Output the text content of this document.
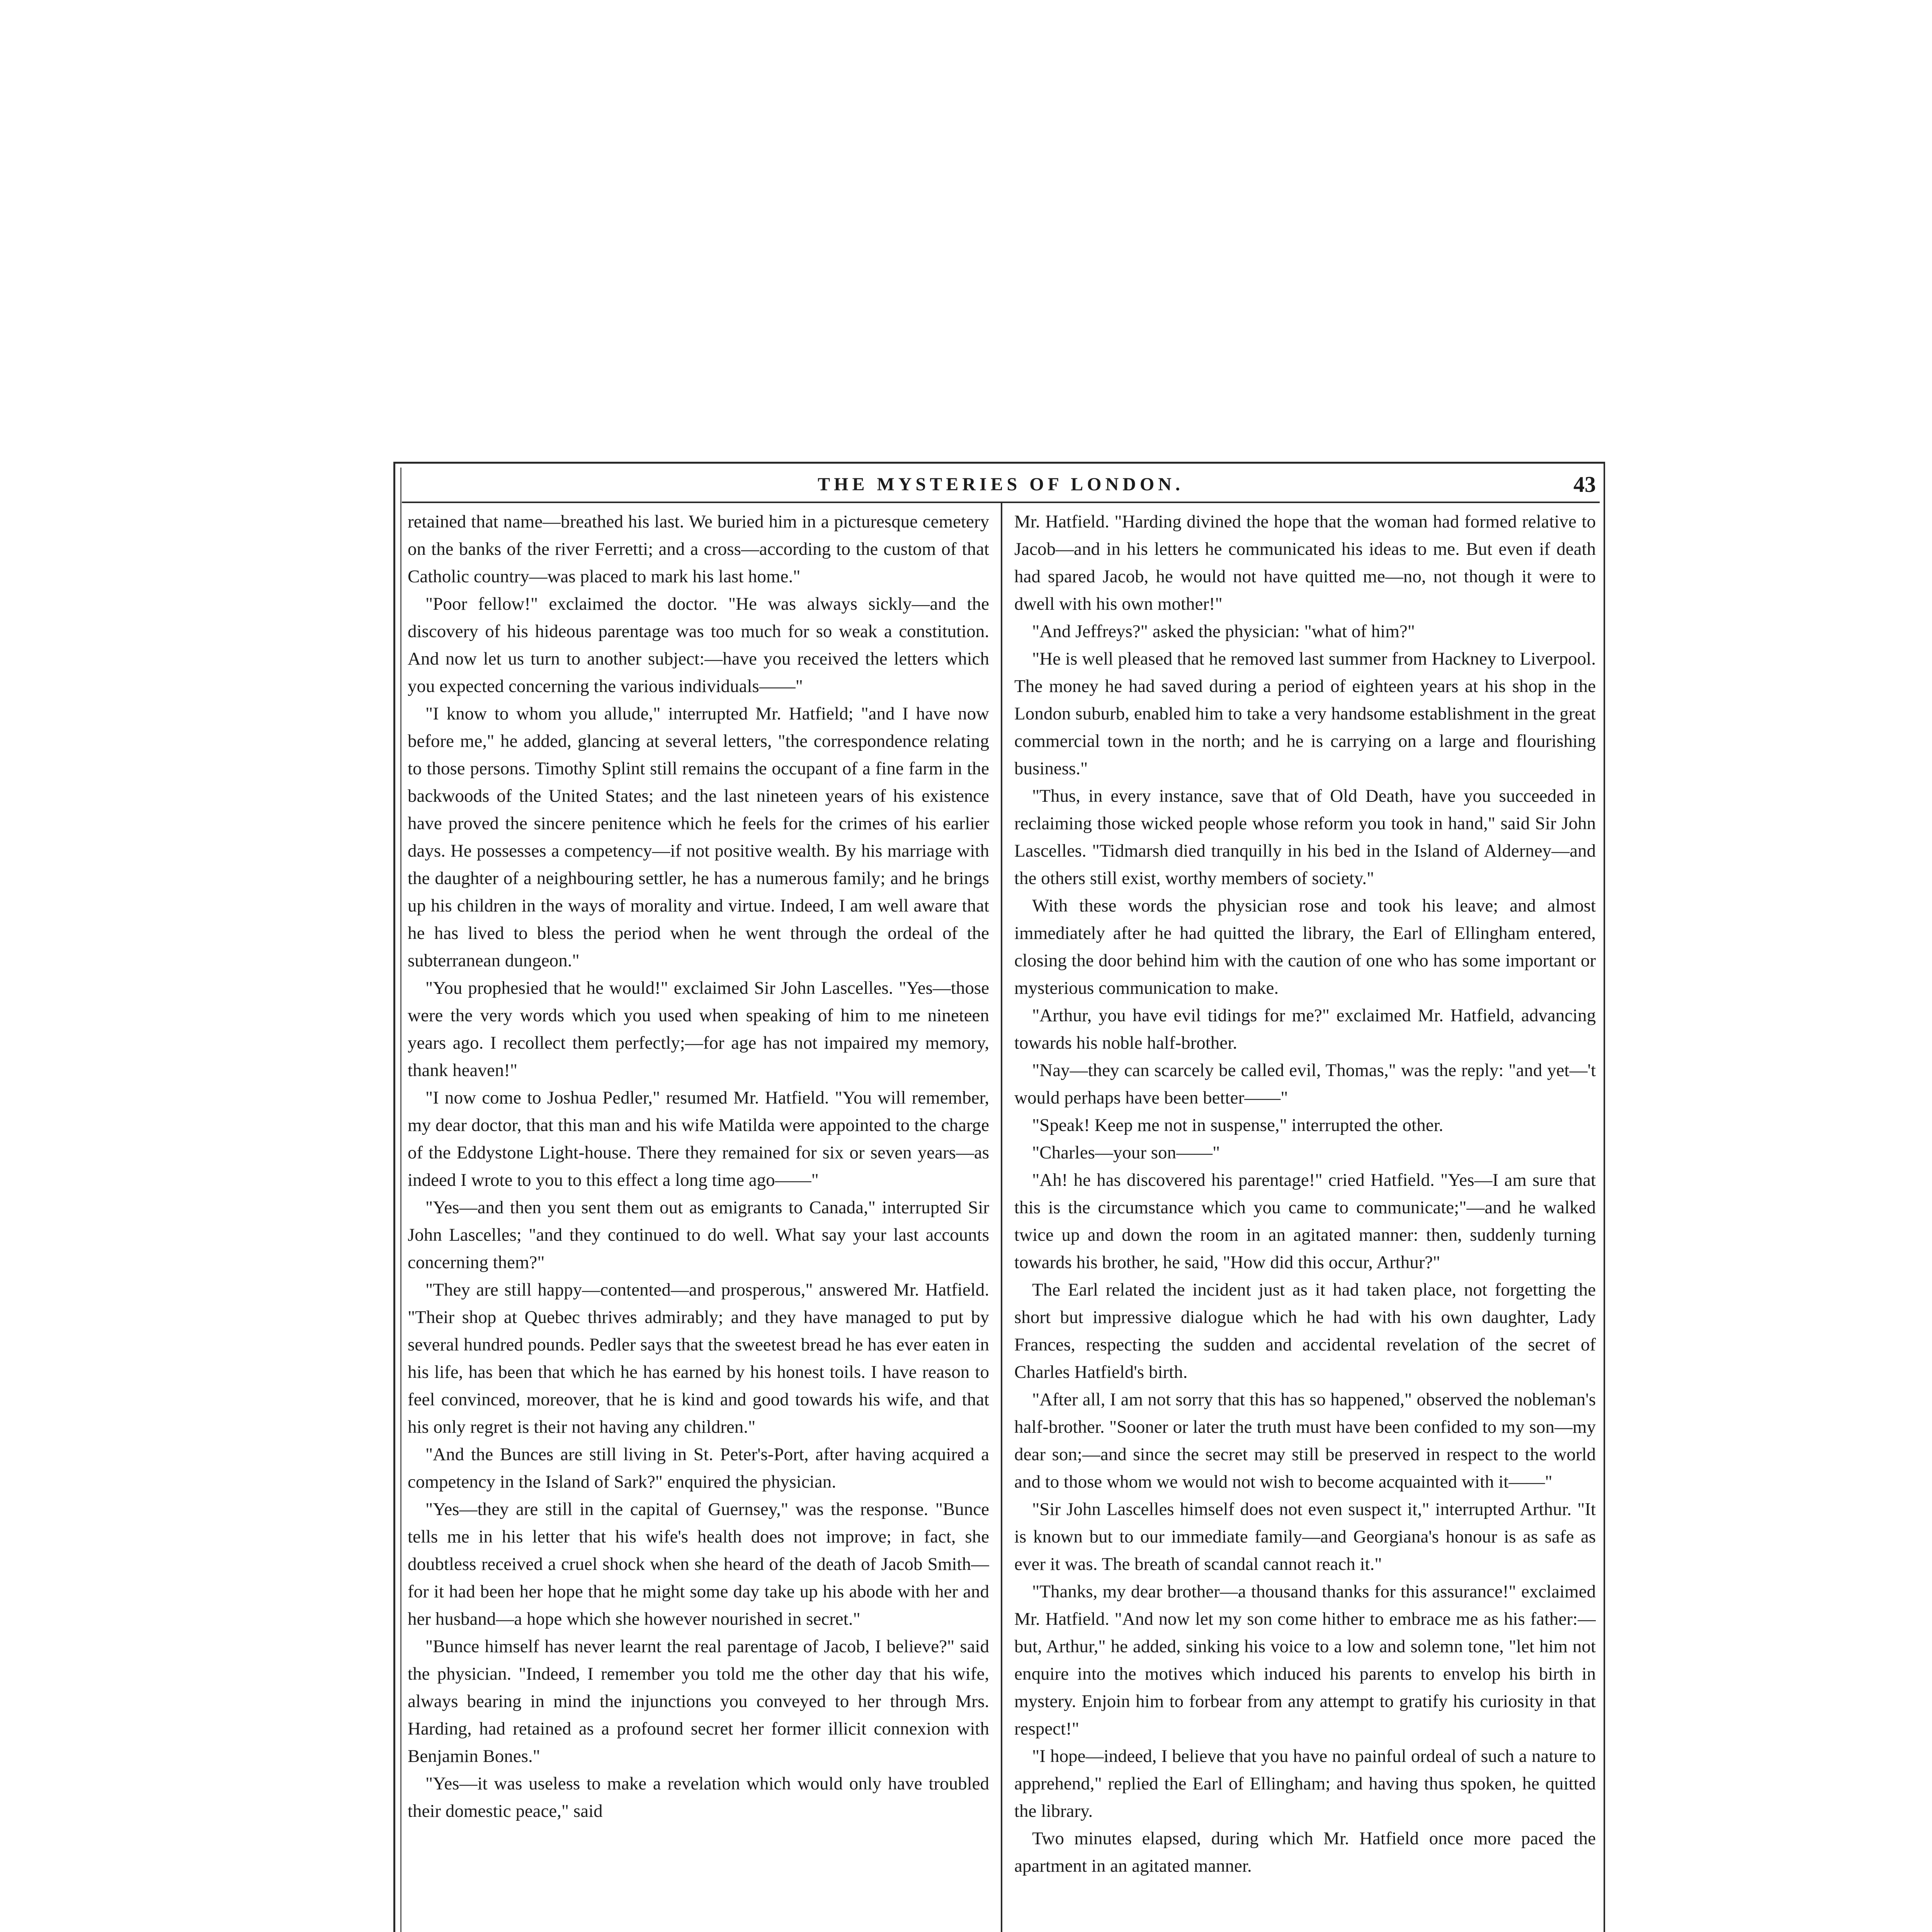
THE MYSTERIES OF LONDON.	43

retained that name—breathed his last. We buried him in a picturesque cemetery on the banks of the river Ferretti; and a cross—according to the custom of that Catholic country—was placed to mark his last home."

"Poor fellow!" exclaimed the doctor. "He was always sickly—and the discovery of his hideous parentage was too much for so weak a constitution. And now let us turn to another subject:—have you received the letters which you expected concerning the various individuals——"

"I know to whom you allude," interrupted Mr. Hatfield; "and I have now before me," he added, glancing at several letters, "the correspondence relating to those persons. Timothy Splint still remains the occupant of a fine farm in the backwoods of the United States; and the last nineteen years of his existence have proved the sincere penitence which he feels for the crimes of his earlier days. He possesses a competency—if not positive wealth. By his marriage with the daughter of a neighbouring settler, he has a numerous family; and he brings up his children in the ways of morality and virtue. Indeed, I am well aware that he has lived to bless the period when he went through the ordeal of the subterranean dungeon."

"You prophesied that he would!" exclaimed Sir John Lascelles. "Yes—those were the very words which you used when speaking of him to me nineteen years ago. I recollect them perfectly;—for age has not impaired my memory, thank heaven!"

"I now come to Joshua Pedler," resumed Mr. Hatfield. "You will remember, my dear doctor, that this man and his wife Matilda were appointed to the charge of the Eddystone Light-house. There they remained for six or seven years—as indeed I wrote to you to this effect a long time ago——"

"Yes—and then you sent them out as emigrants to Canada," interrupted Sir John Lascelles; "and they continued to do well. What say your last accounts concerning them?"

"They are still happy—contented—and prosperous," answered Mr. Hatfield. "Their shop at Quebec thrives admirably; and they have managed to put by several hundred pounds. Pedler says that the sweetest bread he has ever eaten in his life, has been that which he has earned by his honest toils. I have reason to feel convinced, moreover, that he is kind and good towards his wife, and that his only regret is their not having any children."

"And the Bunces are still living in St. Peter's-Port, after having acquired a competency in the Island of Sark?" enquired the physician.

"Yes—they are still in the capital of Guernsey," was the response. "Bunce tells me in his letter that his wife's health does not improve; in fact, she doubtless received a cruel shock when she heard of the death of Jacob Smith—for it had been her hope that he might some day take up his abode with her and her husband—a hope which she however nourished in secret."

"Bunce himself has never learnt the real parentage of Jacob, I believe?" said the physician. "Indeed, I remember you told me the other day that his wife, always bearing in mind the injunctions you conveyed to her through Mrs. Harding, had retained as a profound secret her former illicit connexion with Benjamin Bones."

"Yes—it was useless to make a revelation which would only have troubled their domestic peace," said

Mr. Hatfield. "Harding divined the hope that the woman had formed relative to Jacob—and in his letters he communicated his ideas to me. But even if death had spared Jacob, he would not have quitted me—no, not though it were to dwell with his own mother!"

"And Jeffreys?" asked the physician: "what of him?"

"He is well pleased that he removed last summer from Hackney to Liverpool. The money he had saved during a period of eighteen years at his shop in the London suburb, enabled him to take a very handsome establishment in the great commercial town in the north; and he is carrying on a large and flourishing business."

"Thus, in every instance, save that of Old Death, have you succeeded in reclaiming those wicked people whose reform you took in hand," said Sir John Lascelles. "Tidmarsh died tranquilly in his bed in the Island of Alderney—and the others still exist, worthy members of society."

With these words the physician rose and took his leave; and almost immediately after he had quitted the library, the Earl of Ellingham entered, closing the door behind him with the caution of one who has some important or mysterious communication to make.

"Arthur, you have evil tidings for me?" exclaimed Mr. Hatfield, advancing towards his noble half-brother.

"Nay—they can scarcely be called evil, Thomas," was the reply: "and yet—'t would perhaps have been better——"

"Speak! Keep me not in suspense," interrupted the other.

"Charles—your son——"

"Ah! he has discovered his parentage!" cried Hatfield. "Yes—I am sure that this is the circumstance which you came to communicate;"—and he walked twice up and down the room in an agitated manner: then, suddenly turning towards his brother, he said, "How did this occur, Arthur?"

The Earl related the incident just as it had taken place, not forgetting the short but impressive dialogue which he had with his own daughter, Lady Frances, respecting the sudden and accidental revelation of the secret of Charles Hatfield's birth.

"After all, I am not sorry that this has so happened," observed the nobleman's half-brother. "Sooner or later the truth must have been confided to my son—my dear son;—and since the secret may still be preserved in respect to the world and to those whom we would not wish to become acquainted with it——"

"Sir John Lascelles himself does not even suspect it," interrupted Arthur. "It is known but to our immediate family—and Georgiana's honour is as safe as ever it was. The breath of scandal cannot reach it."

"Thanks, my dear brother—a thousand thanks for this assurance!" exclaimed Mr. Hatfield. "And now let my son come hither to embrace me as his father:—but, Arthur," he added, sinking his voice to a low and solemn tone, "let him not enquire into the motives which induced his parents to envelop his birth in mystery. Enjoin him to forbear from any attempt to gratify his curiosity in that respect!"

"I hope—indeed, I believe that you have no painful ordeal of such a nature to apprehend," replied the Earl of Ellingham; and having thus spoken, he quitted the library.

Two minutes elapsed, during which Mr. Hatfield once more paced the apartment in an agitated manner.
